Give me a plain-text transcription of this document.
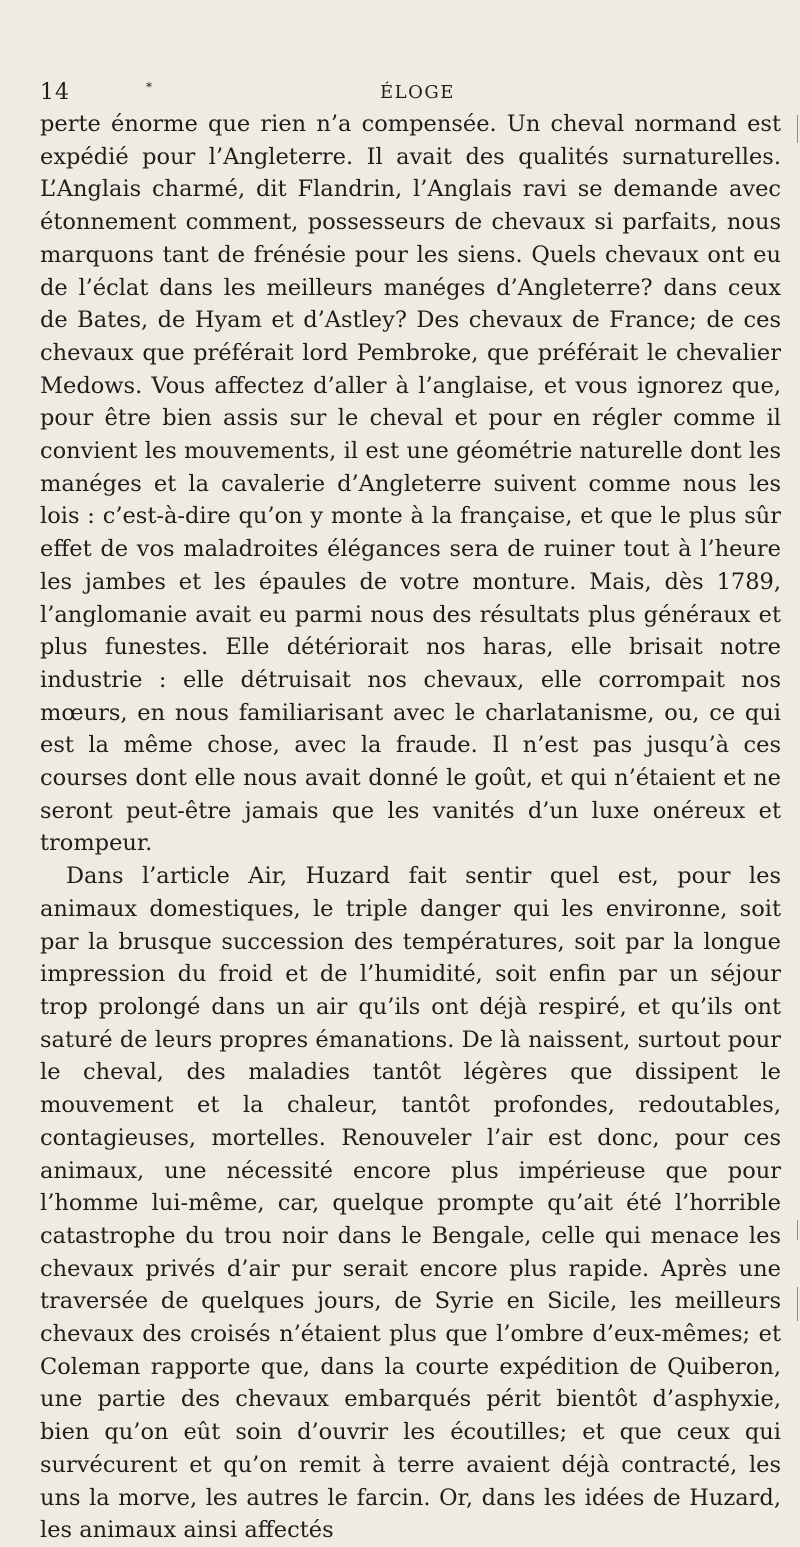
14	*	ÉLOGE

perte énorme que rien n’a compensée. Un cheval normand est expédié pour l’Angleterre. Il avait des qualités surnaturelles. L’Anglais charmé, dit Flandrin, l’Anglais ravi se demande avec étonnement comment, possesseurs de chevaux si parfaits, nous marquons tant de frénésie pour les siens. Quels chevaux ont eu de l’éclat dans les meilleurs manéges d’Angleterre? dans ceux de Bates, de Hyam et d’Astley? Des chevaux de France; de ces chevaux que préférait lord Pembroke, que préférait le chevalier Medows. Vous affectez d’aller à l’anglaise, et vous ignorez que, pour être bien assis sur le cheval et pour en régler comme il convient les mouvements, il est une géométrie naturelle dont les manéges et la cavalerie d’Angleterre suivent comme nous les lois : c’est-à-dire qu’on y monte à la française, et que le plus sûr effet de vos maladroites élégances sera de ruiner tout à l’heure les jambes et les épaules de votre monture. Mais, dès 1789, l’anglomanie avait eu parmi nous des résultats plus généraux et plus funestes. Elle détériorait nos haras, elle brisait notre industrie : elle détruisait nos chevaux, elle corrompait nos mœurs, en nous familiarisant avec le charlatanisme, ou, ce qui est la même chose, avec la fraude. Il n’est pas jusqu’à ces courses dont elle nous avait donné le goût, et qui n’étaient et ne seront peut-être jamais que les vanités d’un luxe onéreux et trompeur.

Dans l’article Air, Huzard fait sentir quel est, pour les animaux domestiques, le triple danger qui les environne, soit par la brusque succession des températures, soit par la longue impression du froid et de l’humidité, soit enfin par un séjour trop prolongé dans un air qu’ils ont déjà respiré, et qu’ils ont saturé de leurs propres émanations. De là naissent, surtout pour le cheval, des maladies tantôt légères que dissipent le mouvement et la chaleur, tantôt profondes, redoutables, contagieuses, mortelles. Renouveler l’air est donc, pour ces animaux, une nécessité encore plus impérieuse que pour l’homme lui-même, car, quelque prompte qu’ait été l’horrible catastrophe du trou noir dans le Bengale, celle qui menace les chevaux privés d’air pur serait encore plus rapide. Après une traversée de quelques jours, de Syrie en Sicile, les meilleurs chevaux des croisés n’étaient plus que l’ombre d’eux-mêmes; et Coleman rapporte que, dans la courte expédition de Quiberon, une partie des chevaux embarqués périt bientôt d’asphyxie, bien qu’on eût soin d’ouvrir les écoutilles; et que ceux qui survécurent et qu’on remit à terre avaient déjà contracté, les uns la morve, les autres le farcin. Or, dans les idées de Huzard, les animaux ainsi affectés
